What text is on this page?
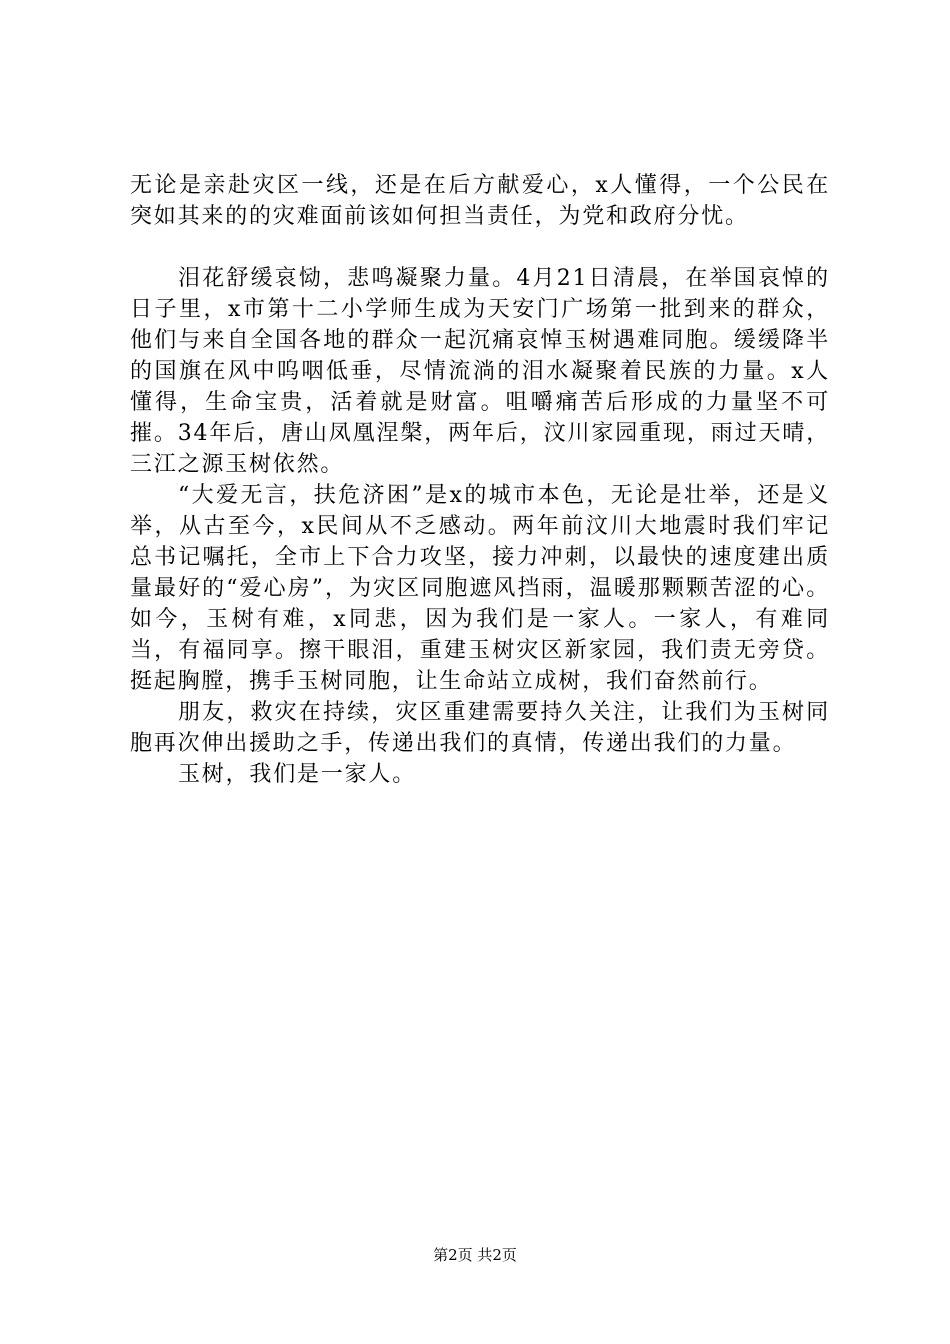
无论是亲赴灾区一线，还是在后方献爱心，x人懂得，一个公民在突如其来的的灾难面前该如何担当责任，为党和政府分忧。

泪花舒缓哀恸，悲鸣凝聚力量。4月21日清晨，在举国哀悼的日子里，x市第十二小学师生成为天安门广场第一批到来的群众，他们与来自全国各地的群众一起沉痛哀悼玉树遇难同胞。缓缓降半的国旗在风中呜咽低垂，尽情流淌的泪水凝聚着民族的力量。x人懂得，生命宝贵，活着就是财富。咀嚼痛苦后形成的力量坚不可摧。34年后，唐山凤凰涅槃，两年后，汶川家园重现，雨过天晴，三江之源玉树依然。

“大爱无言，扶危济困”是x的城市本色，无论是壮举，还是义举，从古至今，x民间从不乏感动。两年前汶川大地震时我们牢记总书记嘱托，全市上下合力攻坚，接力冲刺，以最快的速度建出质量最好的“爱心房”，为灾区同胞遮风挡雨，温暖那颗颗苦涩的心。如今，玉树有难，x同悲，因为我们是一家人。一家人，有难同当，有福同享。擦干眼泪，重建玉树灾区新家园，我们责无旁贷。挺起胸膛，携手玉树同胞，让生命站立成树，我们奋然前行。

朋友，救灾在持续，灾区重建需要持久关注，让我们为玉树同胞再次伸出援助之手，传递出我们的真情，传递出我们的力量。

玉树，我们是一家人。

第2页 共2页
